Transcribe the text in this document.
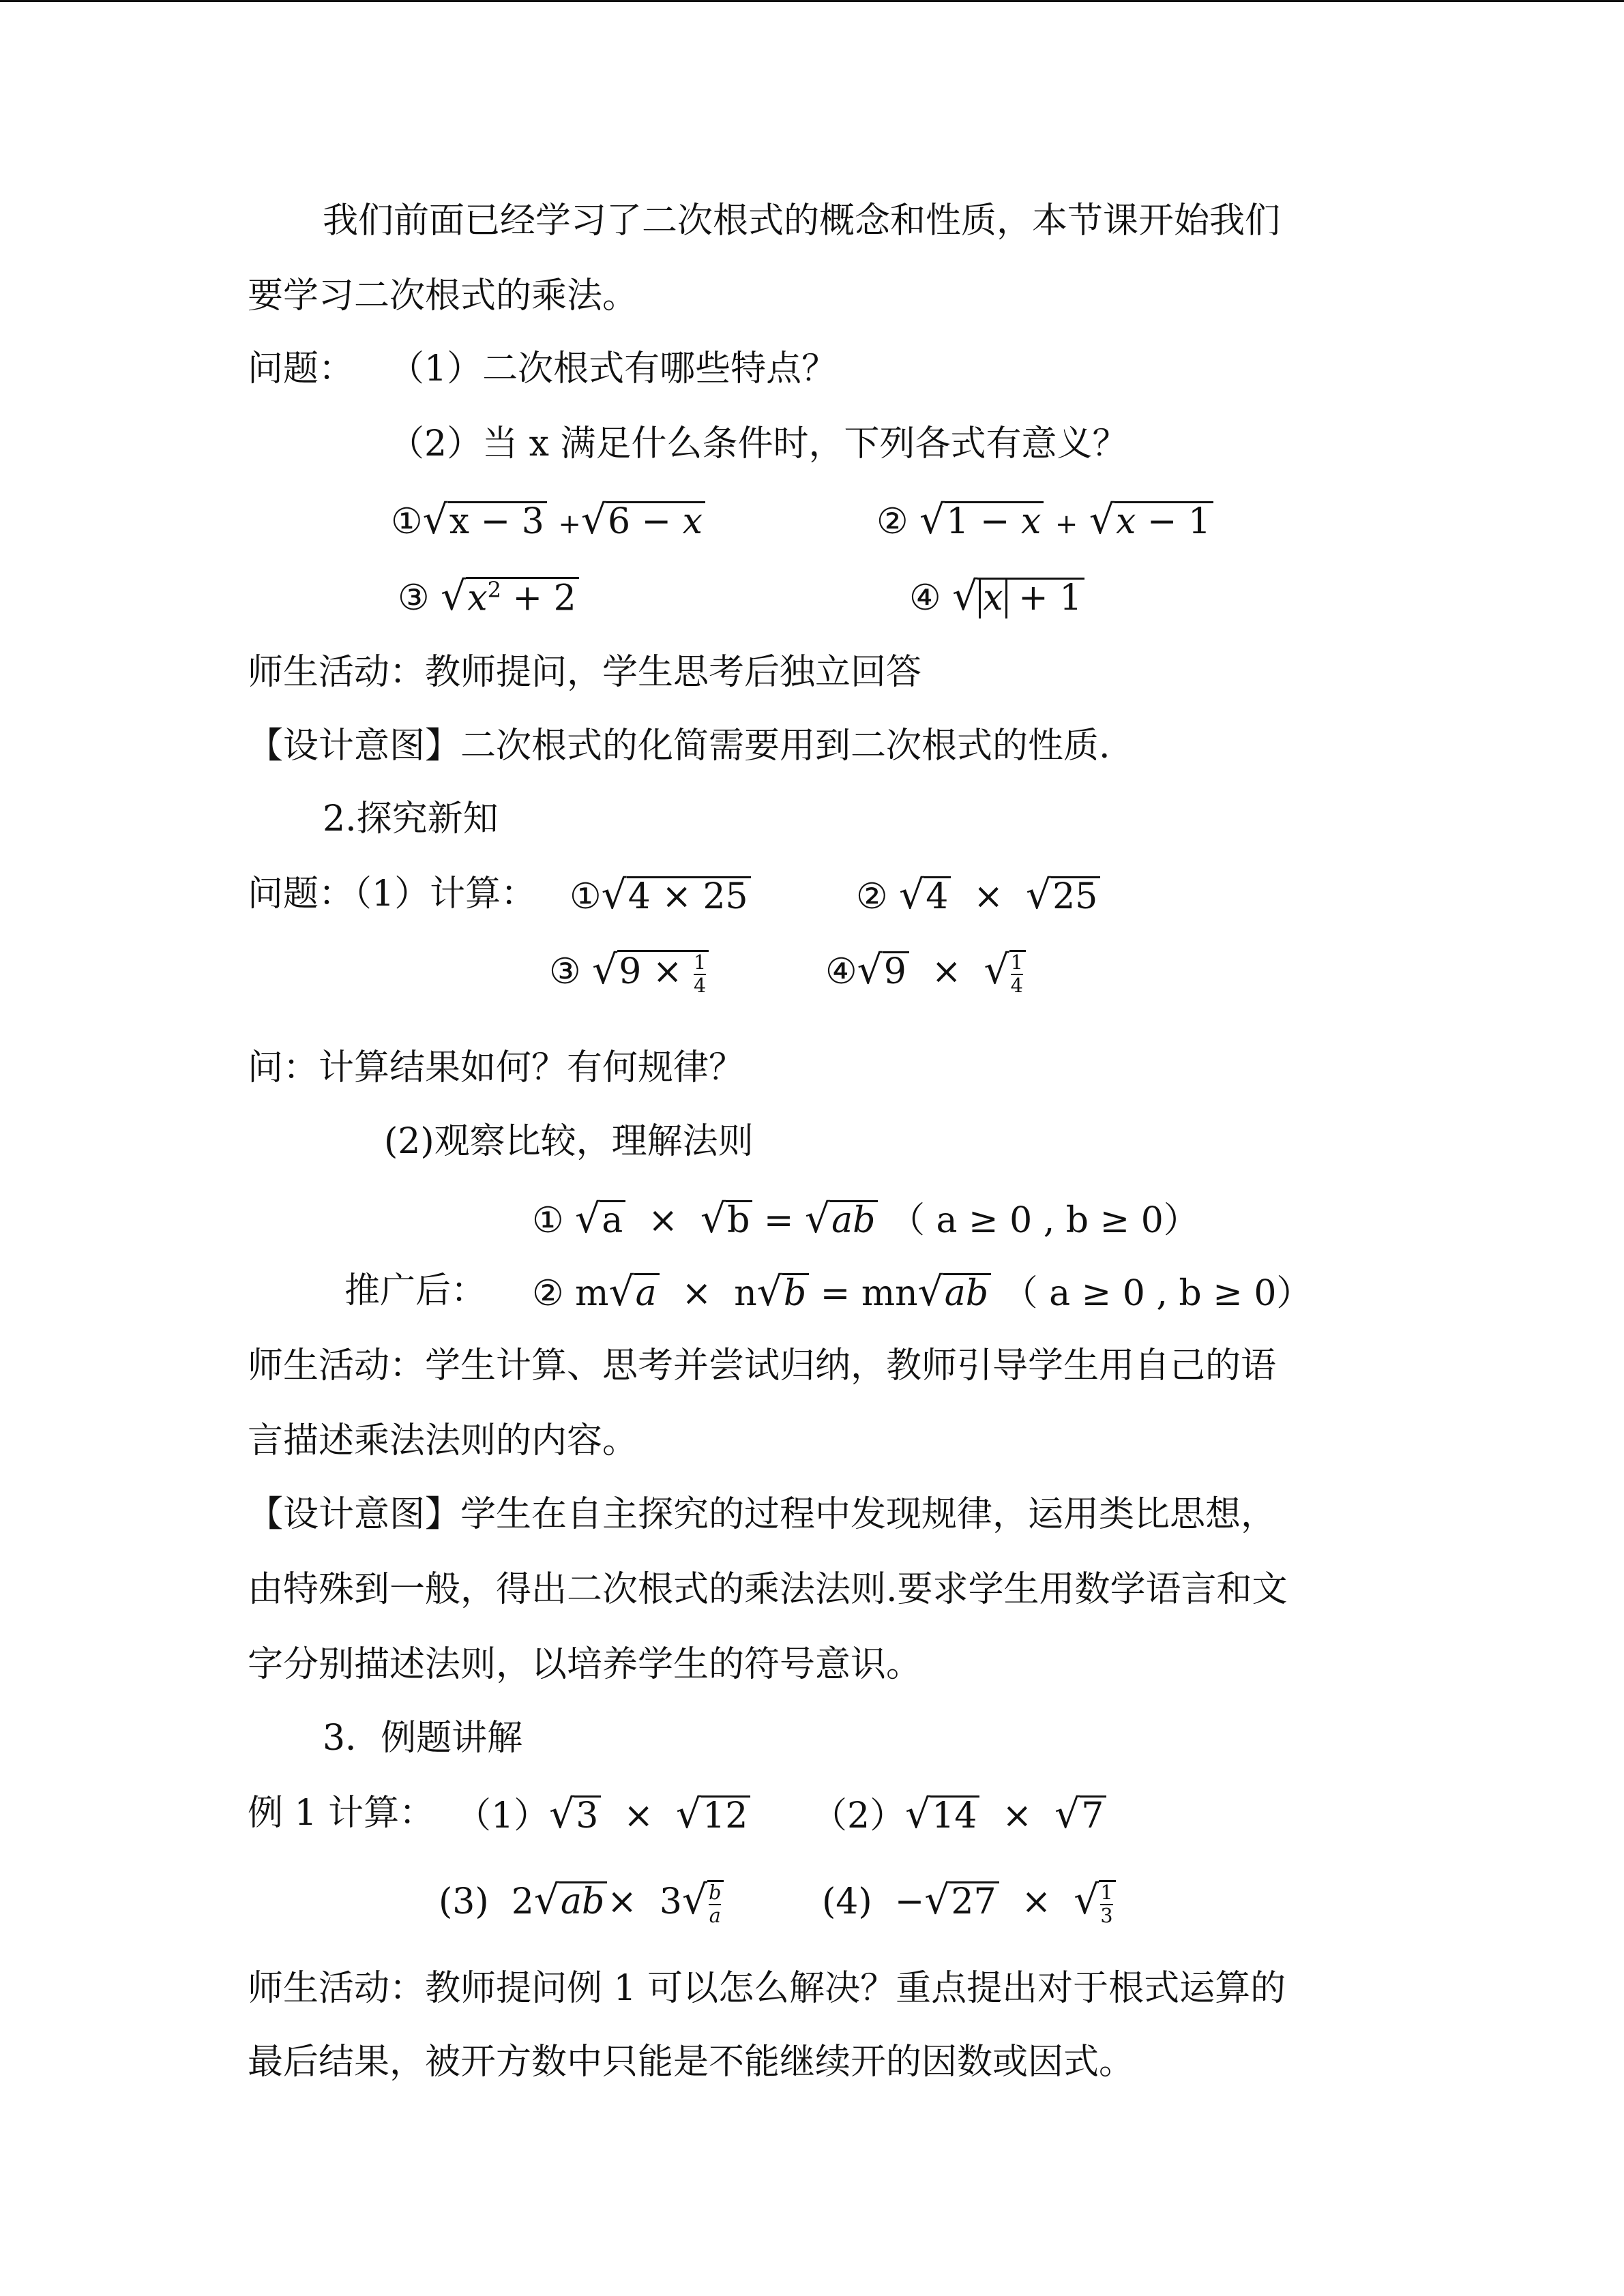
我们前面已经学习了二次根式的概念和性质，本节课开始我们
要学习二次根式的乘法。
问题： （1）二次根式有哪些特点？
（2）当 x 满足什么条件时，下列各式有意义？
①√x − 3 +√6 − x	② √1 − x + √x − 1
③ $√x^2 + 2$	④ √ x + 1
师生活动：教师提问，学生思考后独立回答
【设计意图】二次根式的化简需要用到二次根式的性质.
2.探究新知
问题：（1）计算： ①√4 × 25	② √4 × √25
③ $√9 \times \frac{1}{4}$	④√9 × √ $\frac{1}{4}$
问：计算结果如何？有何规律？
(2)观察比较，理解法则
① √a × √b = √ab （ a ≥ 0 , b ≥ 0）
推广后： ② m√a × n√b = mn√ab （ a ≥ 0 , b ≥ 0）
师生活动：学生计算、思考并尝试归纳，教师引导学生用自己的语
言描述乘法法则的内容。
【设计意图】学生在自主探究的过程中发现规律，运用类比思想，
由特殊到一般，得出二次根式的乘法法则.要求学生用数学语言和文
字分别描述法则，以培养学生的符号意识。
3．例题讲解
例 1 计算： （1）√3 × √12 （2）√14 × √7
(3) $2√ab\times 3√ \frac{b}{a}$	(4) −√27 × √ $\frac{1}{3}$
师生活动：教师提问例 1 可以怎么解决？重点提出对于根式运算的
最后结果，被开方数中只能是不能继续开的因数或因式。
